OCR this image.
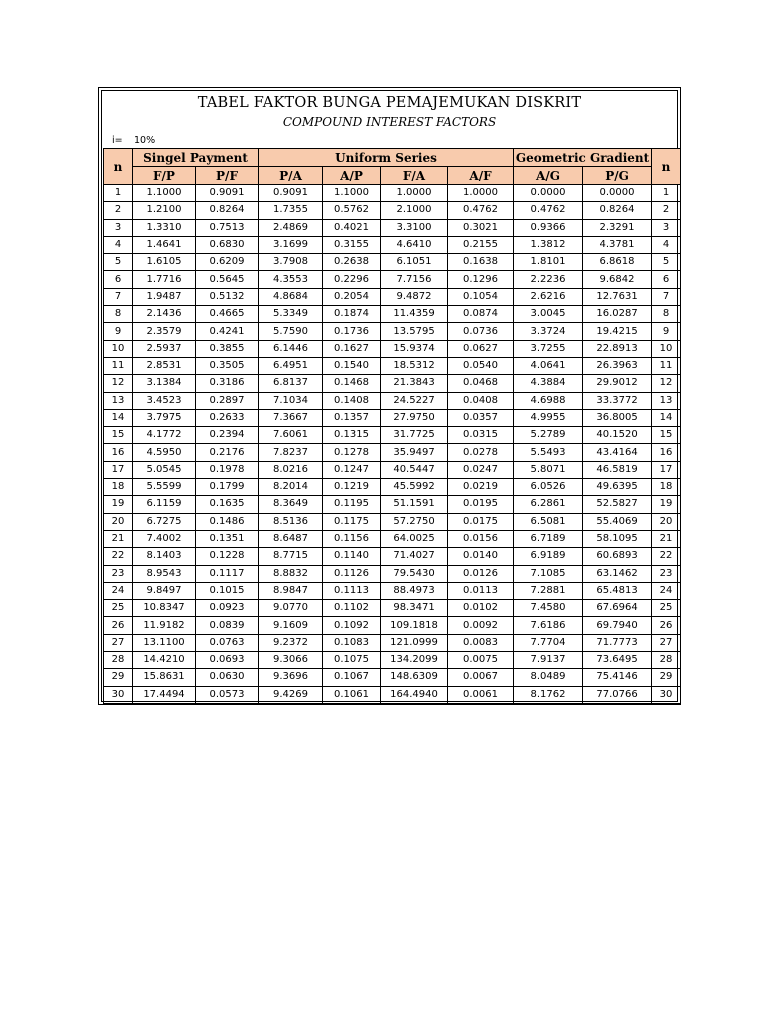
TABEL FAKTOR BUNGA PEMAJEMUKAN DISKRIT
COMPOUND INTEREST FACTORS
i= 10%
n	Singel Payment		Uniform Series				Geometric Gradient		n
	F/P	P/F	P/A	A/P	F/A	A/F	A/G	P/G	
1	1.1000	0.9091	0.9091	1.1000	1.0000	1.0000	0.0000	0.0000	1
2	1.2100	0.8264	1.7355	0.5762	2.1000	0.4762	0.4762	0.8264	2
3	1.3310	0.7513	2.4869	0.4021	3.3100	0.3021	0.9366	2.3291	3
4	1.4641	0.6830	3.1699	0.3155	4.6410	0.2155	1.3812	4.3781	4
5	1.6105	0.6209	3.7908	0.2638	6.1051	0.1638	1.8101	6.8618	5
6	1.7716	0.5645	4.3553	0.2296	7.7156	0.1296	2.2236	9.6842	6
7	1.9487	0.5132	4.8684	0.2054	9.4872	0.1054	2.6216	12.7631	7
8	2.1436	0.4665	5.3349	0.1874	11.4359	0.0874	3.0045	16.0287	8
9	2.3579	0.4241	5.7590	0.1736	13.5795	0.0736	3.3724	19.4215	9
10	2.5937	0.3855	6.1446	0.1627	15.9374	0.0627	3.7255	22.8913	10
11	2.8531	0.3505	6.4951	0.1540	18.5312	0.0540	4.0641	26.3963	11
12	3.1384	0.3186	6.8137	0.1468	21.3843	0.0468	4.3884	29.9012	12
13	3.4523	0.2897	7.1034	0.1408	24.5227	0.0408	4.6988	33.3772	13
14	3.7975	0.2633	7.3667	0.1357	27.9750	0.0357	4.9955	36.8005	14
15	4.1772	0.2394	7.6061	0.1315	31.7725	0.0315	5.2789	40.1520	15
16	4.5950	0.2176	7.8237	0.1278	35.9497	0.0278	5.5493	43.4164	16
17	5.0545	0.1978	8.0216	0.1247	40.5447	0.0247	5.8071	46.5819	17
18	5.5599	0.1799	8.2014	0.1219	45.5992	0.0219	6.0526	49.6395	18
19	6.1159	0.1635	8.3649	0.1195	51.1591	0.0195	6.2861	52.5827	19
20	6.7275	0.1486	8.5136	0.1175	57.2750	0.0175	6.5081	55.4069	20
21	7.4002	0.1351	8.6487	0.1156	64.0025	0.0156	6.7189	58.1095	21
22	8.1403	0.1228	8.7715	0.1140	71.4027	0.0140	6.9189	60.6893	22
23	8.9543	0.1117	8.8832	0.1126	79.5430	0.0126	7.1085	63.1462	23
24	9.8497	0.1015	8.9847	0.1113	88.4973	0.0113	7.2881	65.4813	24
25	10.8347	0.0923	9.0770	0.1102	98.3471	0.0102	7.4580	67.6964	25
26	11.9182	0.0839	9.1609	0.1092	109.1818	0.0092	7.6186	69.7940	26
27	13.1100	0.0763	9.2372	0.1083	121.0999	0.0083	7.7704	71.7773	27
28	14.4210	0.0693	9.3066	0.1075	134.2099	0.0075	7.9137	73.6495	28
29	15.8631	0.0630	9.3696	0.1067	148.6309	0.0067	8.0489	75.4146	29
30	17.4494	0.0573	9.4269	0.1061	164.4940	0.0061	8.1762	77.0766	30
